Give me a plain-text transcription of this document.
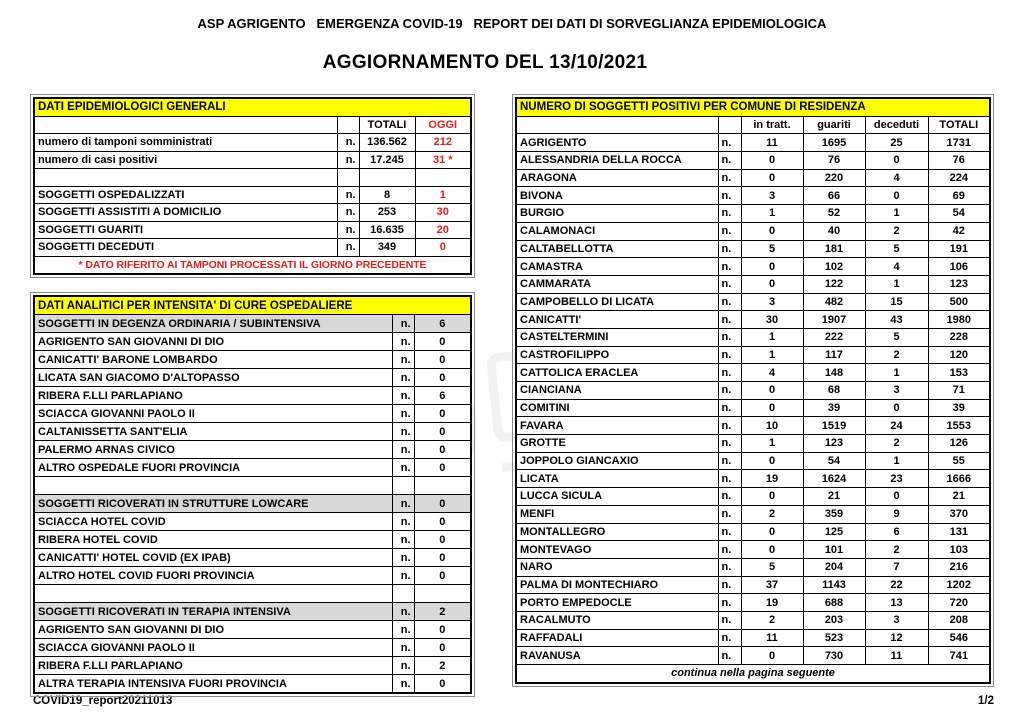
ASP AGRIGENTO   EMERGENZA COVID-19   REPORT DEI DATI DI SORVEGLIANZA EPIDEMIOLOGICA
AGGIORNAMENTO DEL 13/10/2021
DATI EPIDEMIOLOGICI GENERALI			
		TOTALI	OGGI
numero di tamponi somministrati	n.	136.562	212
numero di casi positivi	n.	17.245	31 *

SOGGETTI OSPEDALIZZATI	n.	8	1
SOGGETTI ASSISTITI A DOMICILIO	n.	253	30
SOGGETTI GUARITI	n.	16.635	20
SOGGETTI DECEDUTI	n.	349	0
* DATO RIFERITO AI TAMPONI PROCESSATI IL GIORNO PRECEDENTE			
DATI ANALITICI PER INTENSITA' DI CURE OSPEDALIERE		
SOGGETTI IN DEGENZA ORDINARIA / SUBINTENSIVA	n.	6
AGRIGENTO SAN GIOVANNI DI DIO	n.	0
CANICATTI' BARONE LOMBARDO	n.	0
LICATA SAN GIACOMO D'ALTOPASSO	n.	0
RIBERA F.LLI PARLAPIANO	n.	6
SCIACCA GIOVANNI PAOLO II	n.	0
CALTANISSETTA SANT'ELIA	n.	0
PALERMO ARNAS CIVICO	n.	0
ALTRO OSPEDALE FUORI PROVINCIA	n.	0

SOGGETTI RICOVERATI IN STRUTTURE LOWCARE	n.	0
SCIACCA HOTEL COVID	n.	0
RIBERA HOTEL COVID	n.	0
CANICATTI' HOTEL COVID (EX IPAB)	n.	0
ALTRO HOTEL COVID FUORI PROVINCIA	n.	0

SOGGETTI RICOVERATI IN TERAPIA INTENSIVA	n.	2
AGRIGENTO SAN GIOVANNI DI DIO	n.	0
SCIACCA GIOVANNI PAOLO II	n.	0
RIBERA F.LLI PARLAPIANO	n.	2
ALTRA TERAPIA INTENSIVA FUORI PROVINCIA	n.	0
NUMERO DI SOGGETTI POSITIVI PER COMUNE DI RESIDENZA					
		in tratt.	guariti	deceduti	TOTALI
AGRIGENTO	n.	11	1695	25	1731
ALESSANDRIA DELLA ROCCA	n.	0	76	0	76
ARAGONA	n.	0	220	4	224
BIVONA	n.	3	66	0	69
BURGIO	n.	1	52	1	54
CALAMONACI	n.	0	40	2	42
CALTABELLOTTA	n.	5	181	5	191
CAMASTRA	n.	0	102	4	106
CAMMARATA	n.	0	122	1	123
CAMPOBELLO DI LICATA	n.	3	482	15	500
CANICATTI'	n.	30	1907	43	1980
CASTELTERMINI	n.	1	222	5	228
CASTROFILIPPO	n.	1	117	2	120
CATTOLICA ERACLEA	n.	4	148	1	153
CIANCIANA	n.	0	68	3	71
COMITINI	n.	0	39	0	39
FAVARA	n.	10	1519	24	1553
GROTTE	n.	1	123	2	126
JOPPOLO GIANCAXIO	n.	0	54	1	55
LICATA	n.	19	1624	23	1666
LUCCA SICULA	n.	0	21	0	21
MENFI	n.	2	359	9	370
MONTALLEGRO	n.	0	125	6	131
MONTEVAGO	n.	0	101	2	103
NARO	n.	5	204	7	216
PALMA DI MONTECHIARO	n.	37	1143	22	1202
PORTO EMPEDOCLE	n.	19	688	13	720
RACALMUTO	n.	2	203	3	208
RAFFADALI	n.	11	523	12	546
RAVANUSA	n.	0	730	11	741
continua nella pagina seguente					
COVID19_report20211013	1/2
